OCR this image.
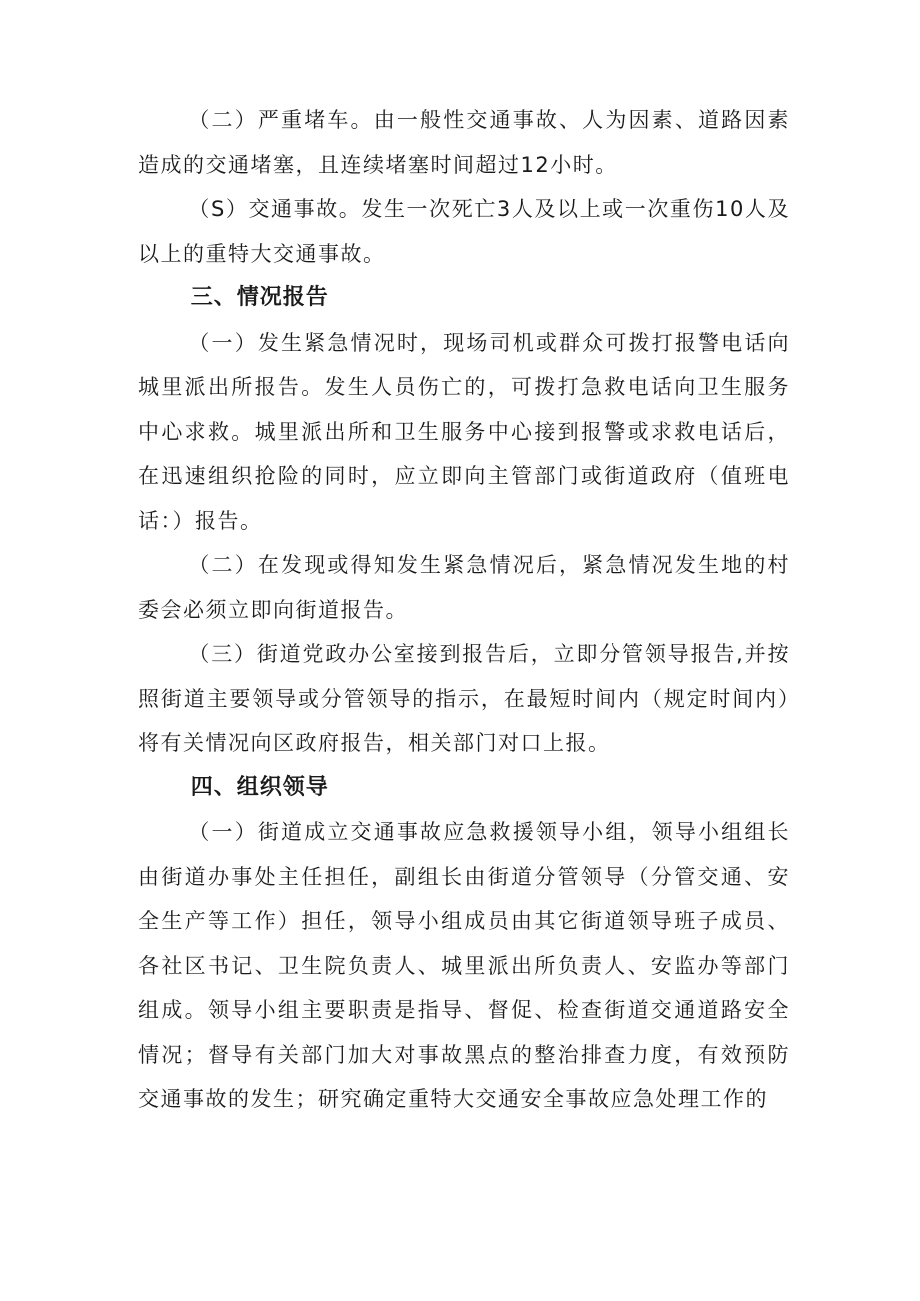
（二）严重堵车。由一般性交通事故、人为因素、道路因素造成的交通堵塞，且连续堵塞时间超过12小时。

（S）交通事故。发生一次死亡3人及以上或一次重伤10人及以上的重特大交通事故。

三、情况报告

（一）发生紧急情况时，现场司机或群众可拨打报警电话向城里派出所报告。发生人员伤亡的，可拨打急救电话向卫生服务中心求救。城里派出所和卫生服务中心接到报警或求救电话后，在迅速组织抢险的同时，应立即向主管部门或街道政府（值班电话：）报告。

（二）在发现或得知发生紧急情况后，紧急情况发生地的村委会必须立即向街道报告。

（三）街道党政办公室接到报告后，立即分管领导报告,并按照街道主要领导或分管领导的指示，在最短时间内（规定时间内）将有关情况向区政府报告，相关部门对口上报。

四、组织领导

（一）街道成立交通事故应急救援领导小组，领导小组组长由街道办事处主任担任，副组长由街道分管领导（分管交通、安全生产等工作）担任，领导小组成员由其它街道领导班子成员、各社区书记、卫生院负责人、城里派出所负责人、安监办等部门组成。领导小组主要职责是指导、督促、检查街道交通道路安全情况；督导有关部门加大对事故黑点的整治排查力度，有效预防交通事故的发生；研究确定重特大交通安全事故应急处理工作的
